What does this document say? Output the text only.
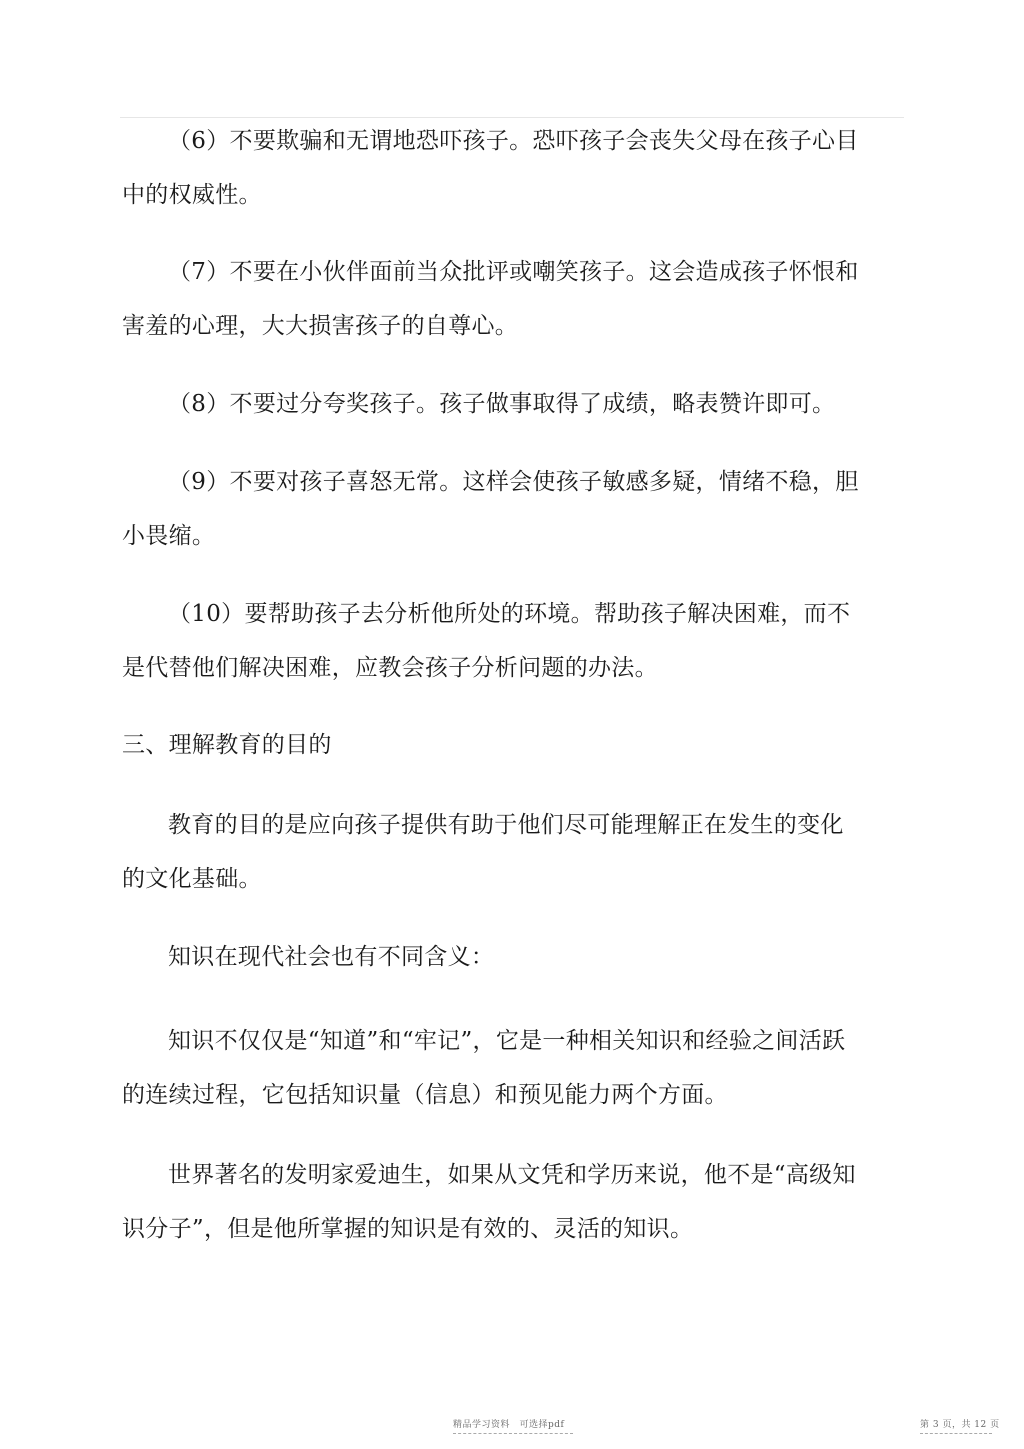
（6）不要欺骗和无谓地恐吓孩子。恐吓孩子会丧失父母在孩子心目中的权威性。

（7）不要在小伙伴面前当众批评或嘲笑孩子。这会造成孩子怀恨和害羞的心理，大大损害孩子的自尊心。

（8）不要过分夸奖孩子。孩子做事取得了成绩，略表赞许即可。

（9）不要对孩子喜怒无常。这样会使孩子敏感多疑，情绪不稳，胆小畏缩。

（10）要帮助孩子去分析他所处的环境。帮助孩子解决困难，而不是代替他们解决困难，应教会孩子分析问题的办法。

三、理解教育的目的

教育的目的是应向孩子提供有助于他们尽可能理解正在发生的变化的文化基础。

知识在现代社会也有不同含义：

知识不仅仅是“知道”和“牢记”，它是一种相关知识和经验之间活跃的连续过程，它包括知识量（信息）和预见能力两个方面。

世界著名的发明家爱迪生，如果从文凭和学历来说，他不是“高级知识分子”，但是他所掌握的知识是有效的、灵活的知识。

精品学习资料　可选择pdf	第 3 页，共 12 页
